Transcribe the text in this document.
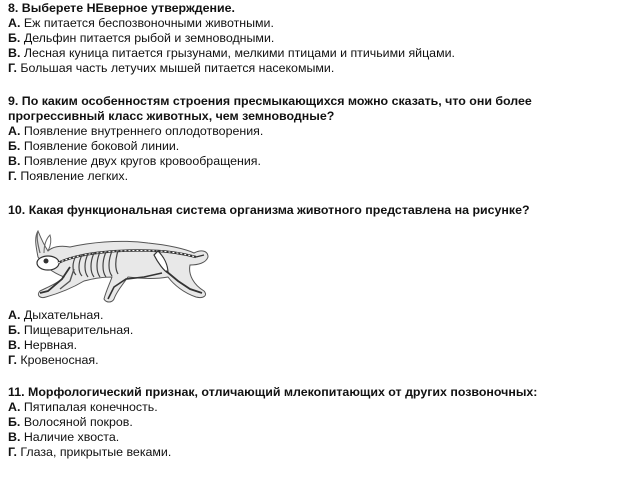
8. Выберете НЕверное утверждение.
А. Еж питается беспозвоночными животными.
Б. Дельфин питается рыбой и земноводными.
В. Лесная куница питается грызунами, мелкими птицами и птичьими яйцами.
Г. Большая часть летучих мышей питается насекомыми.
9. По каким особенностям строения пресмыкающихся можно сказать, что они более
прогрессивный класс животных, чем земноводные?
А. Появление внутреннего оплодотворения.
Б. Появление боковой линии.
В. Появление двух кругов кровообращения.
Г. Появление легких.
10. Какая функциональная система организма животного представлена на рисунке?
А. Дыхательная.
Б. Пищеварительная.
В. Нервная.
Г. Кровеносная.
11. Морфологический признак, отличающий млекопитающих от других позвоночных:
А. Пятипалая конечность.
Б. Волосяной покров.
В. Наличие хвоста.
Г. Глаза, прикрытые веками.
